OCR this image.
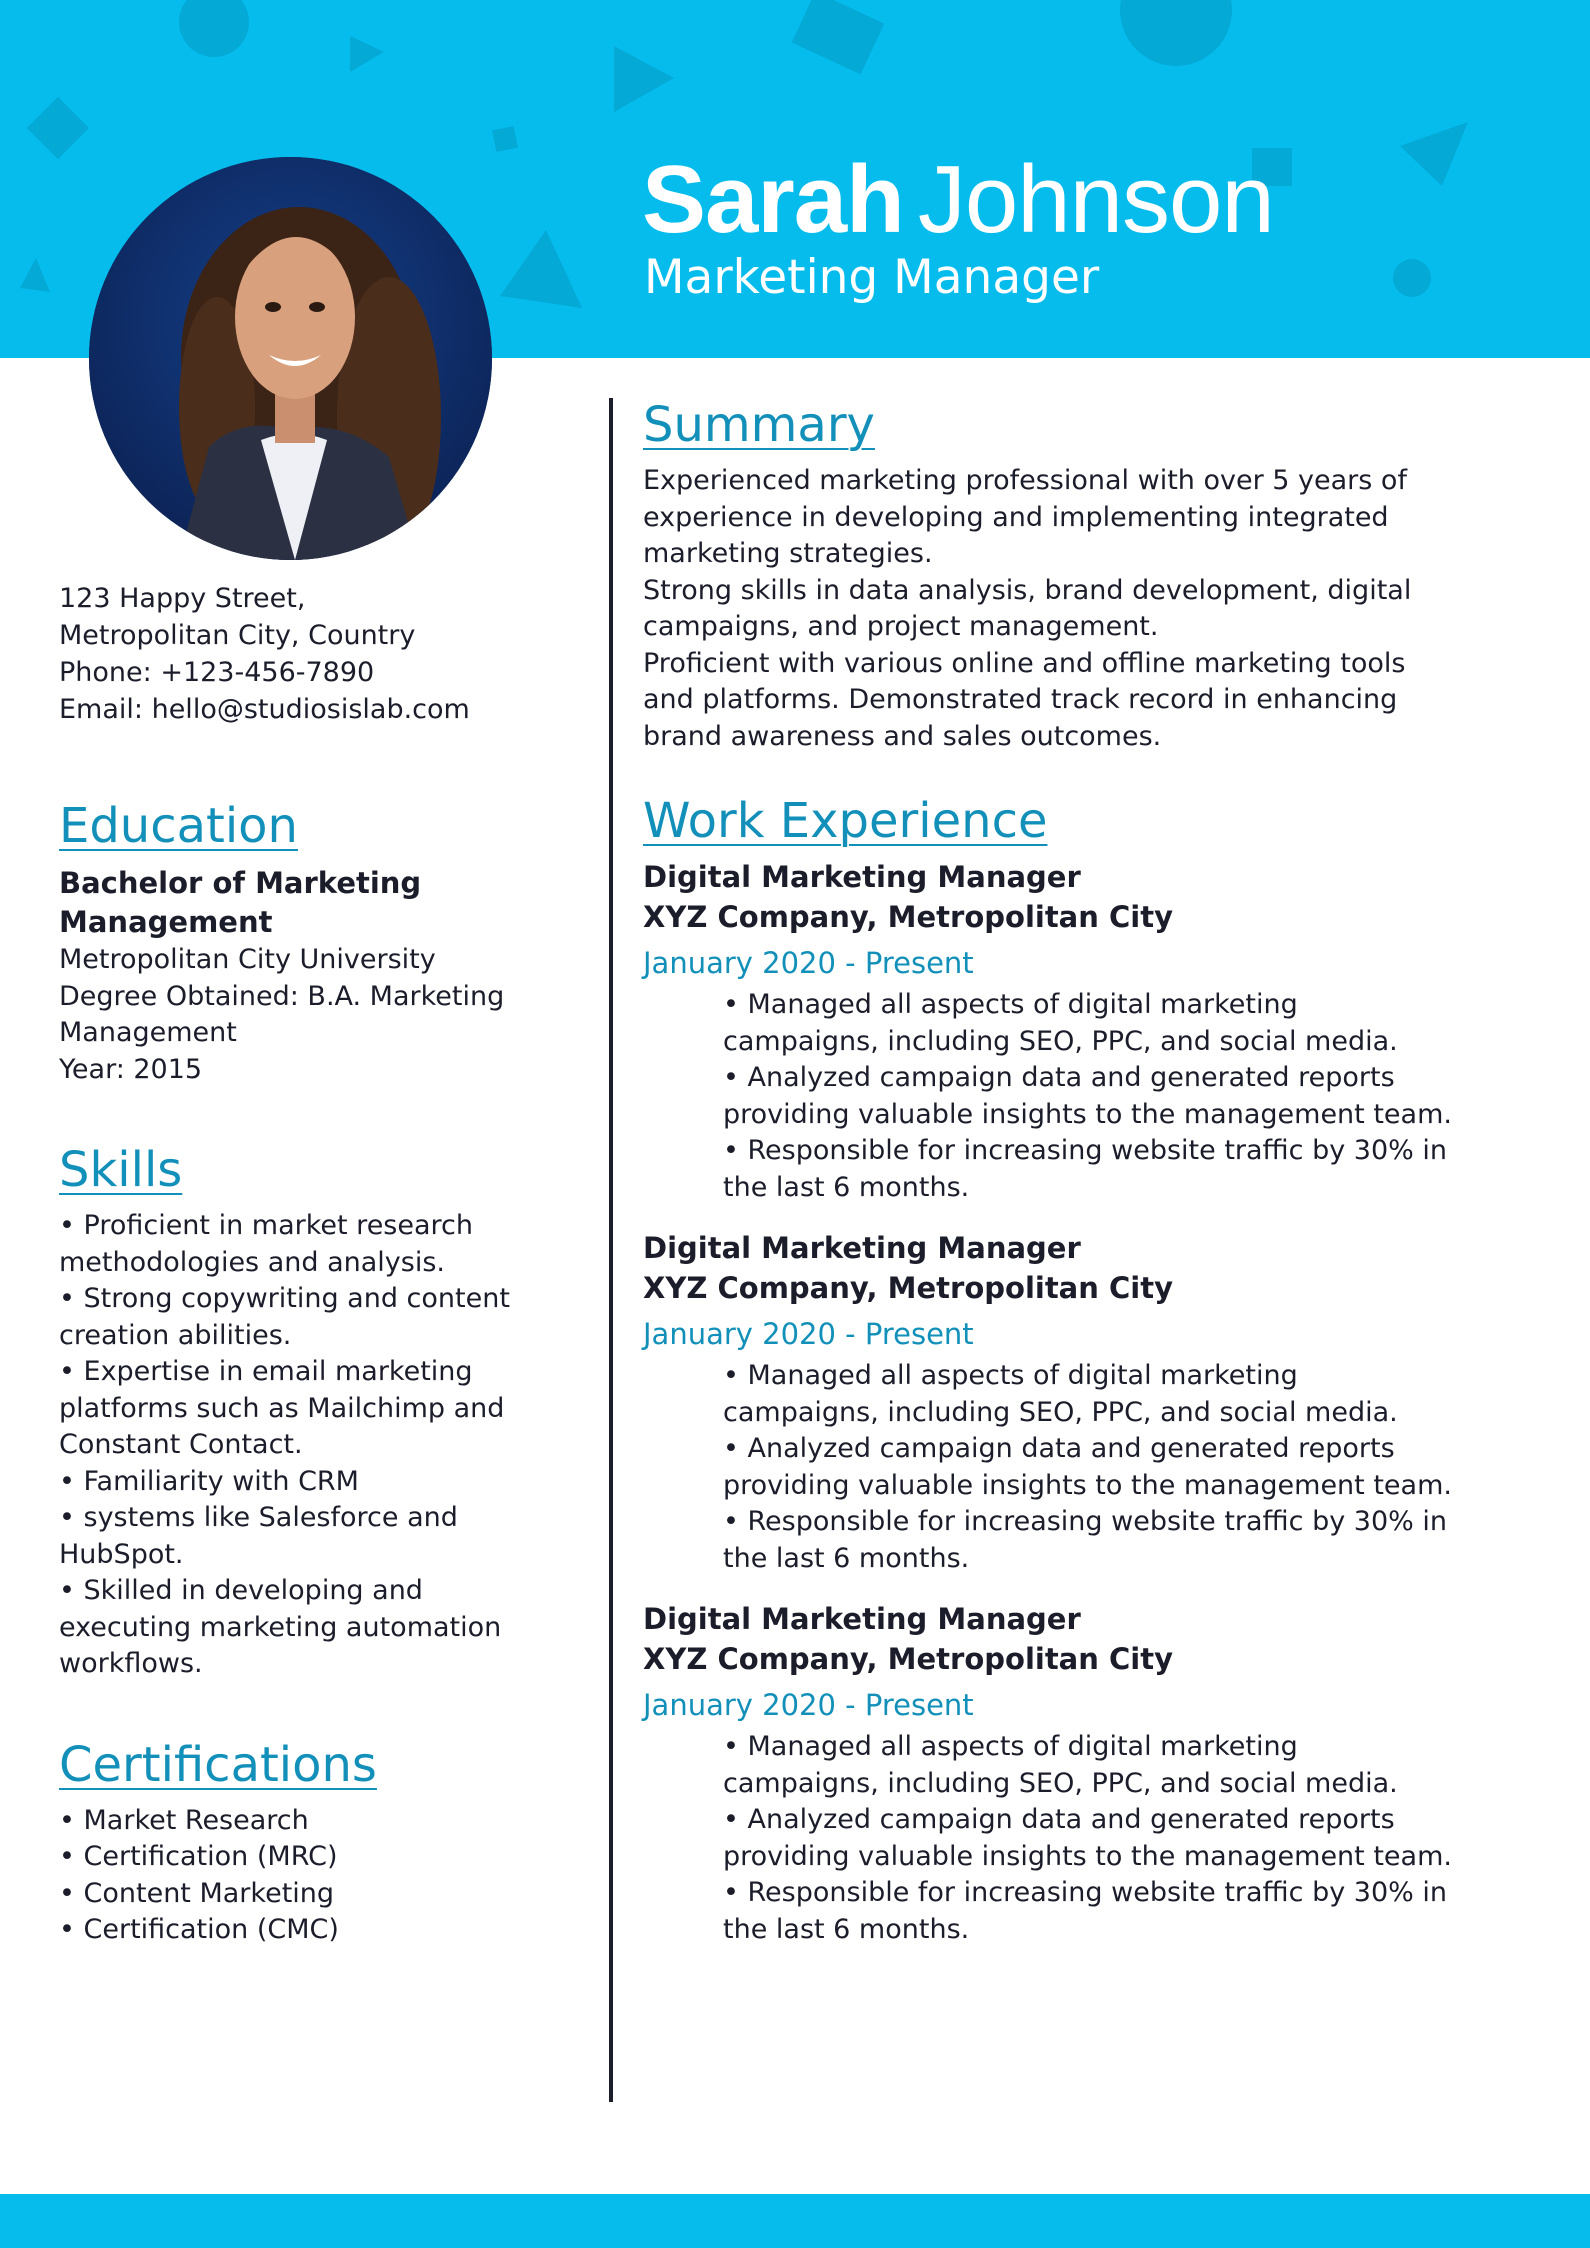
Sarah Johnson
Marketing Manager

123 Happy Street,

Metropolitan City, Country

Phone: +123-456-7890

Email: hello@studiosislab.com

Education

Bachelor of Marketing Management

Metropolitan City University

Degree Obtained: B.A. Marketing Management

Year: 2015

Skills

• Proficient in market research methodologies and analysis.

• Strong copywriting and content creation abilities.

• Expertise in email marketing platforms such as Mailchimp and Constant Contact.

• Familiarity with CRM

• systems like Salesforce and HubSpot.

• Skilled in developing and executing marketing automation workflows.

Certifications

• Market Research

• Certification (MRC)

• Content Marketing

• Certification (CMC)

Summary

Experienced marketing professional with over 5 years of experience in developing and implementing integrated marketing strategies.

Strong skills in data analysis, brand development, digital campaigns, and project management.

Proficient with various online and offline marketing tools and platforms. Demonstrated track record in enhancing brand awareness and sales outcomes.

Work Experience

Digital Marketing Manager

XYZ Company, Metropolitan City

January 2020 - Present

• Managed all aspects of digital marketing campaigns, including SEO, PPC, and social media.

• Analyzed campaign data and generated reports providing valuable insights to the management team.

• Responsible for increasing website traffic by 30% in the last 6 months.

Digital Marketing Manager

XYZ Company, Metropolitan City

January 2020 - Present

• Managed all aspects of digital marketing campaigns, including SEO, PPC, and social media.

• Analyzed campaign data and generated reports providing valuable insights to the management team.

• Responsible for increasing website traffic by 30% in the last 6 months.

Digital Marketing Manager

XYZ Company, Metropolitan City

January 2020 - Present

• Managed all aspects of digital marketing campaigns, including SEO, PPC, and social media.

• Analyzed campaign data and generated reports providing valuable insights to the management team.

• Responsible for increasing website traffic by 30% in the last 6 months.
